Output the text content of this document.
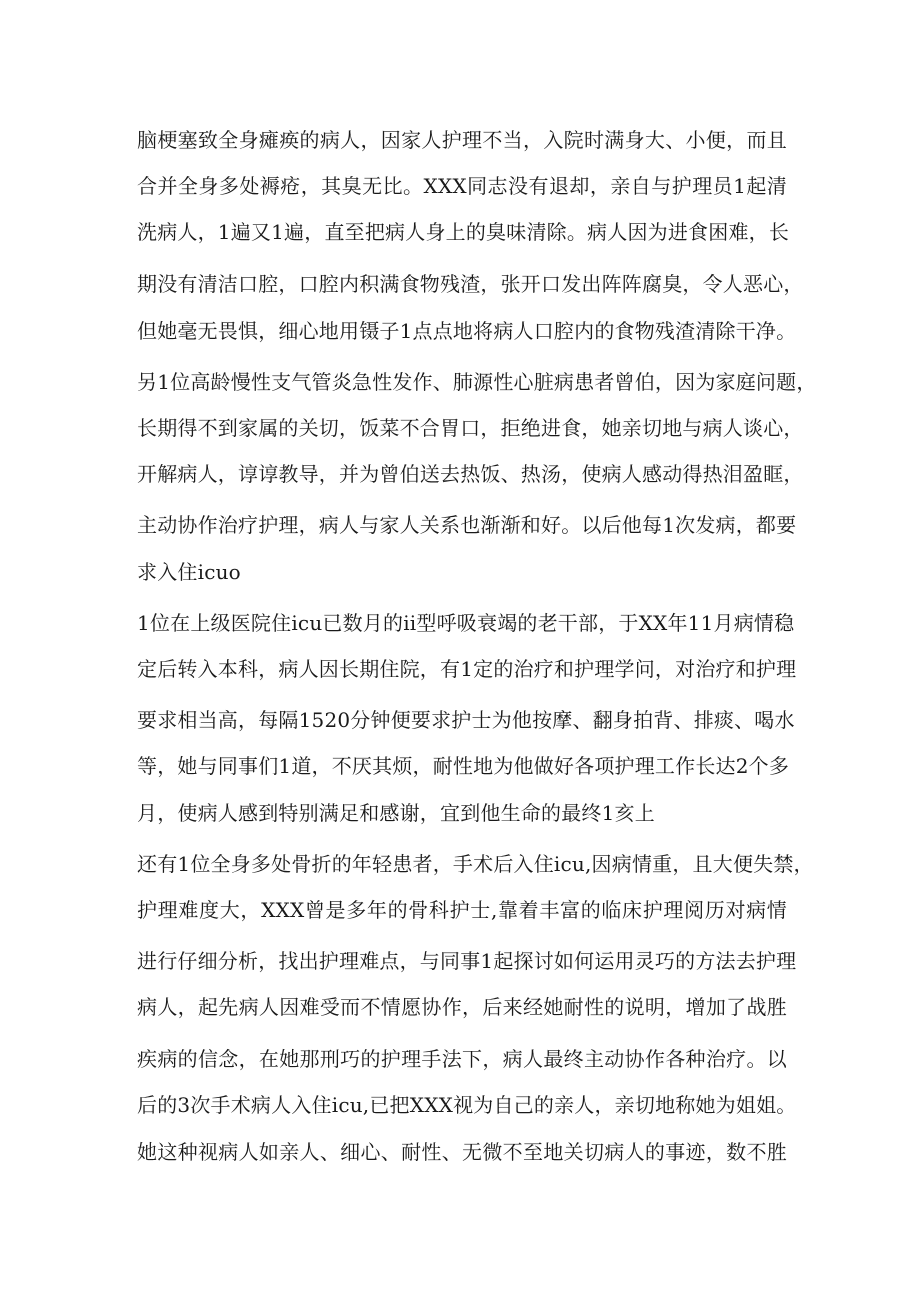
脑梗塞致全身瘫痪的病人，因家人护理不当，入院时满身大、小便，而且
合并全身多处褥疮，其臭无比。XXX同志没有退却，亲自与护理员1起清
洗病人，1遍又1遍，直至把病人身上的臭味清除。病人因为进食困难，长
期没有清洁口腔，口腔内积满食物残渣，张开口发出阵阵腐臭，令人恶心，
但她毫无畏惧，细心地用镊子1点点地将病人口腔内的食物残渣清除干净。
另1位高龄慢性支气管炎急性发作、肺源性心脏病患者曾伯，因为家庭问题，
长期得不到家属的关切，饭菜不合胃口，拒绝进食，她亲切地与病人谈心，
开解病人，谆谆教导，并为曾伯送去热饭、热汤，使病人感动得热泪盈眶，
主动协作治疗护理，病人与家人关系也渐渐和好。以后他每1次发病，都要
求入住icuo
1位在上级医院住icu已数月的ii型呼吸衰竭的老干部，于XX年11月病情稳
定后转入本科，病人因长期住院，有1定的治疗和护理学问，对治疗和护理
要求相当高，每隔1520分钟便要求护士为他按摩、翻身拍背、排痰、喝水
等，她与同事们1道，不厌其烦，耐性地为他做好各项护理工作长达2个多
月，使病人感到特别满足和感谢，宜到他生命的最终1亥上
还有1位全身多处骨折的年轻患者，手术后入住icu,因病情重，且大便失禁，
护理难度大，XXX曾是多年的骨科护士,靠着丰富的临床护理阅历对病情
进行仔细分析，找出护理难点，与同事1起探讨如何运用灵巧的方法去护理
病人，起先病人因难受而不情愿协作，后来经她耐性的说明，增加了战胜
疾病的信念，在她那刑巧的护理手法下，病人最终主动协作各种治疗。以
后的3次手术病人入住icu,已把XXX视为自己的亲人，亲切地称她为姐姐。
她这种视病人如亲人、细心、耐性、无微不至地关切病人的事迹，数不胜
